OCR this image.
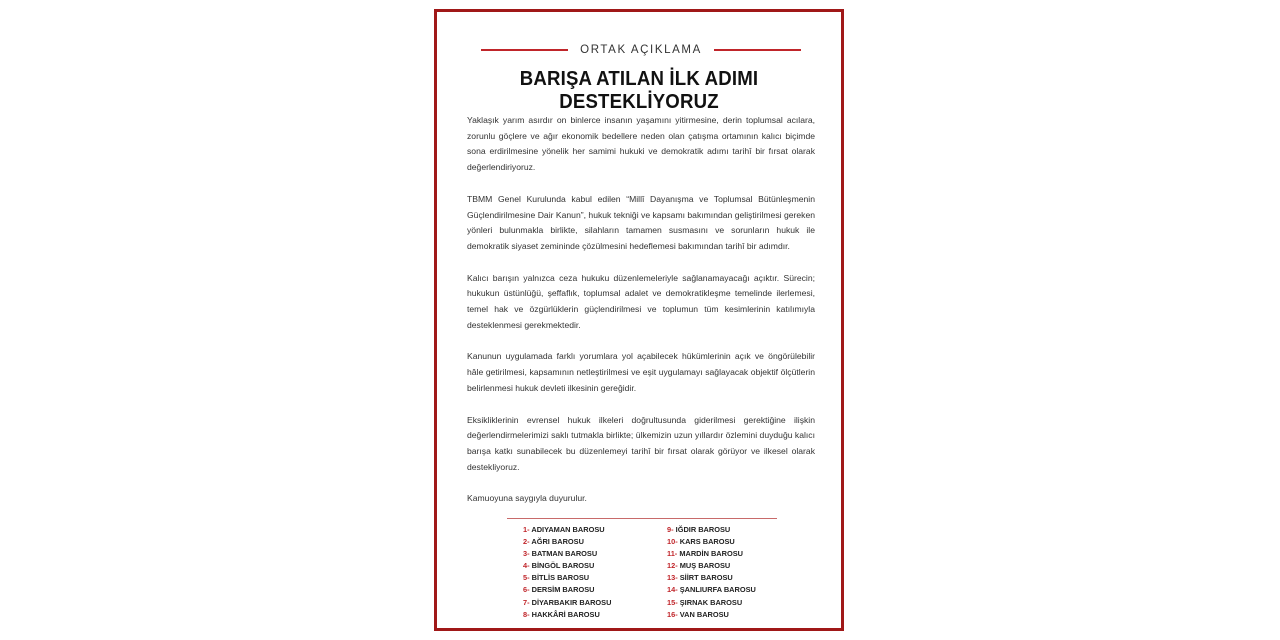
ORTAK AÇIKLAMA
BARIŞA ATILAN İLK ADIMI DESTEKLİYORUZ

Yaklaşık yarım asırdır on binlerce insanın yaşamını yitirmesine, derin toplumsal acılara, zorunlu göçlere ve ağır ekonomik bedellere neden olan çatışma ortamının kalıcı biçimde sona erdirilmesine yönelik her samimi hukuki ve demokratik adımı tarihî bir fırsat olarak değerlendiriyoruz.

TBMM Genel Kurulunda kabul edilen “Millî Dayanışma ve Toplumsal Bütünleşmenin Güçlendirilmesine Dair Kanun”, hukuk tekniği ve kapsamı bakımından geliştirilmesi gereken yönleri bulunmakla birlikte, silahların tamamen susmasını ve sorunların hukuk ile demokratik siyaset zemininde çözülmesini hedeflemesi bakımından tarihî bir adımdır.

Kalıcı barışın yalnızca ceza hukuku düzenlemeleriyle sağlanamayacağı açıktır. Sürecin; hukukun üstünlüğü, şeffaflık, toplumsal adalet ve demokratikleşme temelinde ilerlemesi, temel hak ve özgürlüklerin güçlendirilmesi ve toplumun tüm kesimlerinin katılımıyla desteklenmesi gerekmektedir.

Kanunun uygulamada farklı yorumlara yol açabilecek hükümlerinin açık ve öngörülebilir hâle getirilmesi, kapsamının netleştirilmesi ve eşit uygulamayı sağlayacak objektif ölçütlerin belirlenmesi hukuk devleti ilkesinin gereğidir.

Eksikliklerinin evrensel hukuk ilkeleri doğrultusunda giderilmesi gerektiğine ilişkin değerlendirmelerimizi saklı tutmakla birlikte; ülkemizin uzun yıllardır özlemini duyduğu kalıcı barışa katkı sunabilecek bu düzenlemeyi tarihî bir fırsat olarak görüyor ve ilkesel olarak destekliyoruz.

Kamuoyuna saygıyla duyurulur.

1- ADIYAMAN BAROSU
2- AĞRI BAROSU
3- BATMAN BAROSU
4- BİNGÖL BAROSU
5- BİTLİS BAROSU
6- DERSİM BAROSU
7- DİYARBAKIR BAROSU
8- HAKKÂRİ BAROSU
9- IĞDIR BAROSU
10- KARS BAROSU
11- MARDİN BAROSU
12- MUŞ BAROSU
13- SİİRT BAROSU
14- ŞANLIURFA BAROSU
15- ŞIRNAK BAROSU
16- VAN BAROSU
